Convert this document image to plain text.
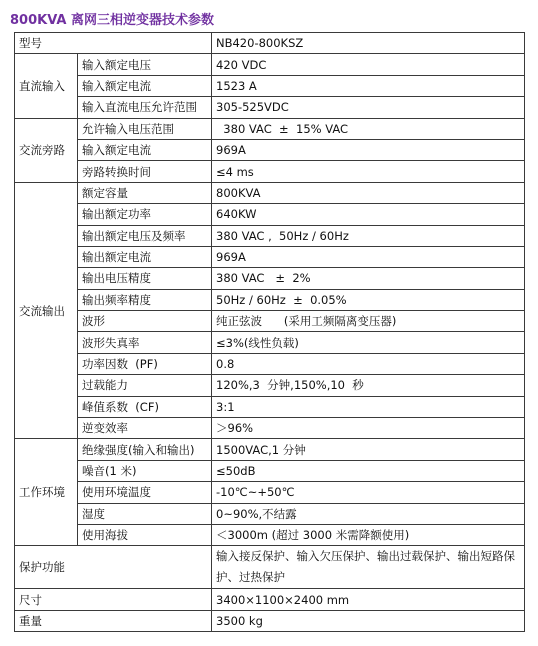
800KVA 离网三相逆变器技术参数
型号		NB420-800KSZ
直流输入	输入额定电压	420 VDC
	输入额定电流	1523 A
	输入直流电压允许范围	305-525VDC
交流旁路	允许输入电压范围	380 VAC  ±  15% VAC
	输入额定电流	969A
	旁路转换时间	≤4 ms
交流输出	额定容量	800KVA
	输出额定功率	640KW
	输出额定电压及频率	380 VAC ,  50Hz / 60Hz
	输出额定电流	969A
	输出电压精度	380 VAC   ±  2%
	输出频率精度	50Hz / 60Hz  ±  0.05%
	波形	纯正弦波      (采用工频隔离变压器)
	波形失真率	≤3%(线性负载)
	功率因数  (PF)	0.8
	过载能力	120%,3  分钟,150%,10  秒
	峰值系数  (CF)	3:1
	逆变效率	＞96%
工作环境	绝缘强度(输入和输出)	1500VAC,1 分钟
	噪音(1 米)	≤50dB
	使用环境温度	-10℃~+50℃
	湿度	0~90%,不结露
	使用海拔	＜3000m (超过 3000 米需降额使用)
保护功能		输入接反保护、输入欠压保护、输出过载保护、输出短路保护、过热保护
尺寸		3400×1100×2400 mm
重量		3500 kg
